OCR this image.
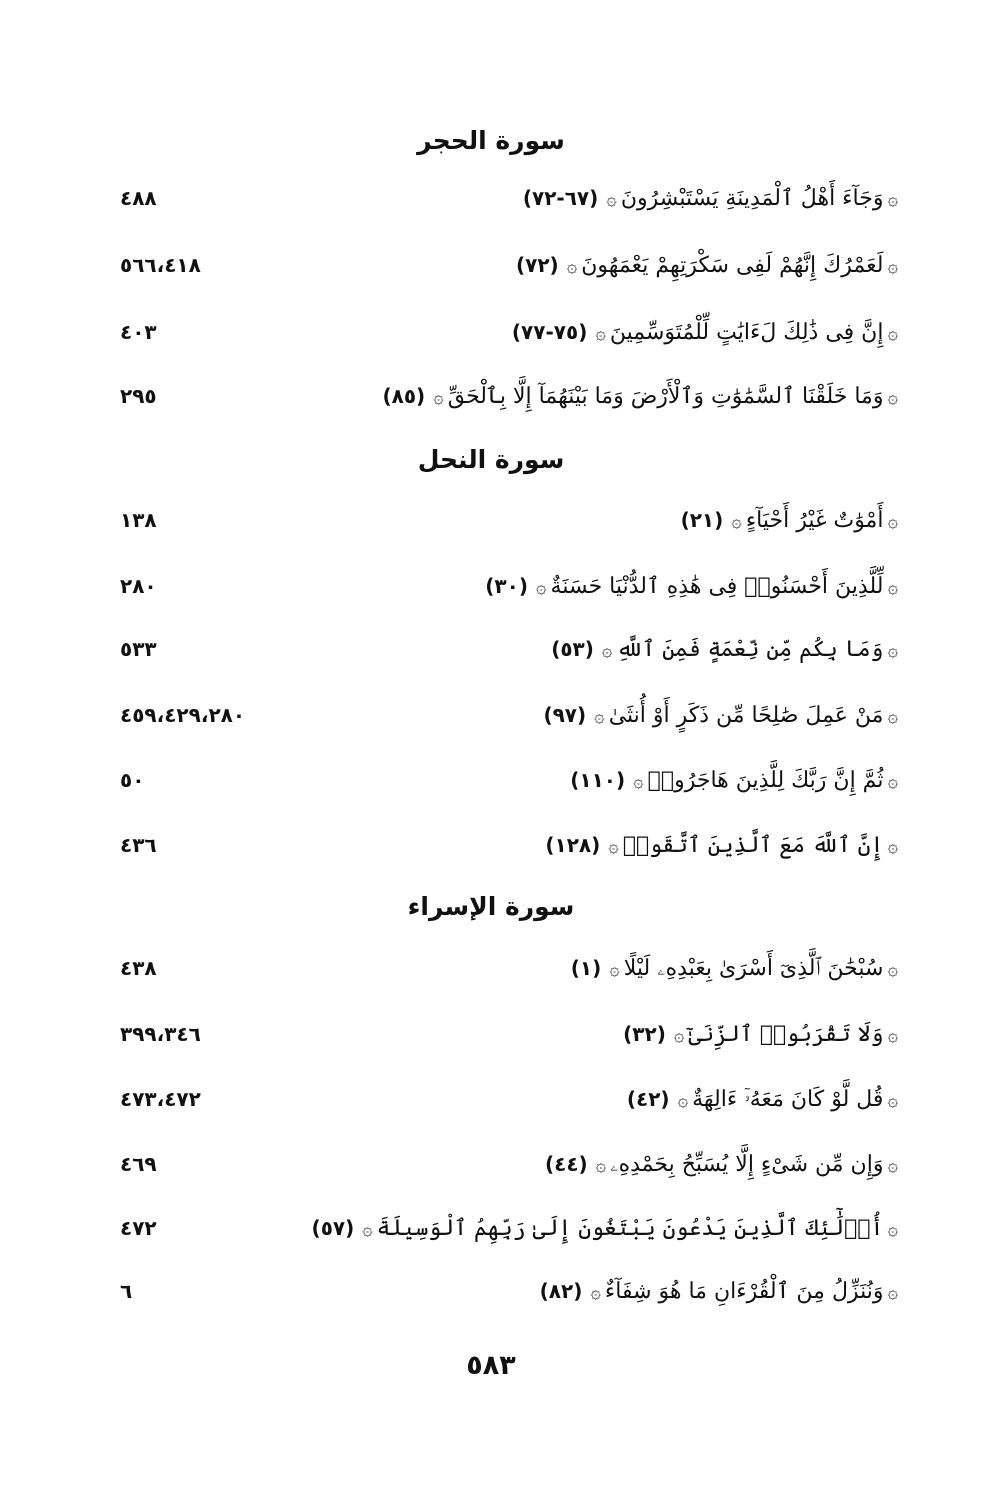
سورة الحجر
۞وَجَآءَ أَهْلُ ٱلْمَدِينَةِ يَسْتَبْشِرُونَ۞(٦٧-٧٢)
٤٨٨
۞لَعَمْرُكَ إِنَّهُمْ لَفِى سَكْرَتِهِمْ يَعْمَهُونَ۞(٧٢)
٥٦٦،٤١٨
۞إِنَّ فِى ذَٰلِكَ لَءَايَٰتٍ لِّلْمُتَوَسِّمِينَ۞(٧٥-٧٧)
٤٠٣
۞وَمَا خَلَقْنَا ٱلسَّمَٰوَٰتِ وَٱلْأَرْضَ وَمَا بَيْنَهُمَآ إِلَّا بِٱلْحَقِّ۞(٨٥)
٢٩٥
سورة النحل
۞أَمْوَٰتٌ غَيْرُ أَحْيَآءٍ۞(٢١)
١٣٨
۞لِّلَّذِينَ أَحْسَنُوا۟ فِى هَٰذِهِ ٱلدُّنْيَا حَسَنَةٌ۞(٣٠)
٢٨٠
۞وَمَا بِكُم مِّن نِّعْمَةٍ فَمِنَ ٱللَّهِ۞(٥٣)
٥٣٣
۞مَنْ عَمِلَ صَٰلِحًا مِّن ذَكَرٍ أَوْ أُنثَىٰ۞(٩٧)
٤٥٩،٤٢٩،٢٨٠
۞ثُمَّ إِنَّ رَبَّكَ لِلَّذِينَ هَاجَرُوا۟۞(١١٠)
٥٠
۞إِنَّ ٱللَّهَ مَعَ ٱلَّذِينَ ٱتَّقَوا۟۞(١٢٨)
٤٣٦
سورة الإسراء
۞سُبْحَٰنَ ٱلَّذِىٓ أَسْرَىٰ بِعَبْدِهِۦ لَيْلًا۞(١)
٤٣٨
۞وَلَا تَقْرَبُوا۟ ٱلزِّنَىٰٓ۞(٣٢)
٣٩٩،٣٤٦
۞قُل لَّوْ كَانَ مَعَهُۥٓ ءَالِهَةٌ۞(٤٢)
٤٧٣،٤٧٢
۞وَإِن مِّن شَىْءٍ إِلَّا يُسَبِّحُ بِحَمْدِهِۦ۞(٤٤)
٤٦٩
۞أُو۟لَٰٓئِكَ ٱلَّذِينَ يَدْعُونَ يَبْتَغُونَ إِلَىٰ رَبِّهِمُ ٱلْوَسِيلَةَ۞(٥٧)
٤٧٢
۞وَنُنَزِّلُ مِنَ ٱلْقُرْءَانِ مَا هُوَ شِفَآءٌ۞(٨٢)
٦
٥٨٣
